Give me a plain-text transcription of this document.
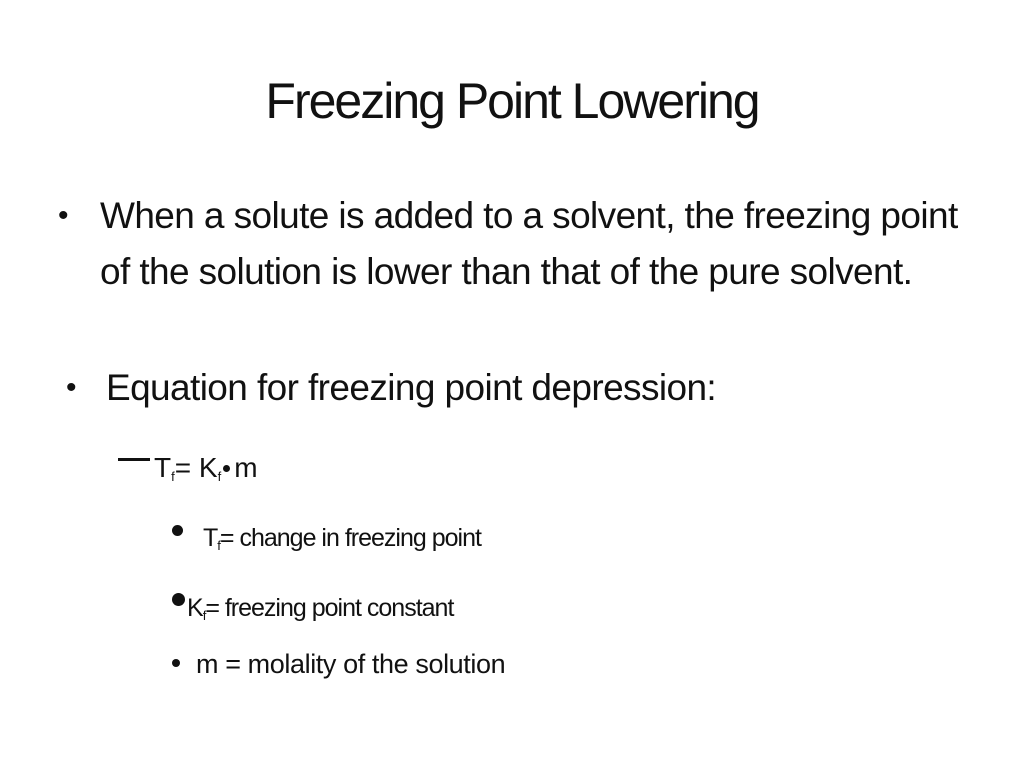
Freezing Point Lowering
• When a solute is added to a solvent, the freezing point of the solution is lower than that of the pure solvent.
• Equation for freezing point depression:
$T_f= K_f$ m
$T_f=$ change in freezing point
$K_f=$ freezing point constant
m = molality of the solution
